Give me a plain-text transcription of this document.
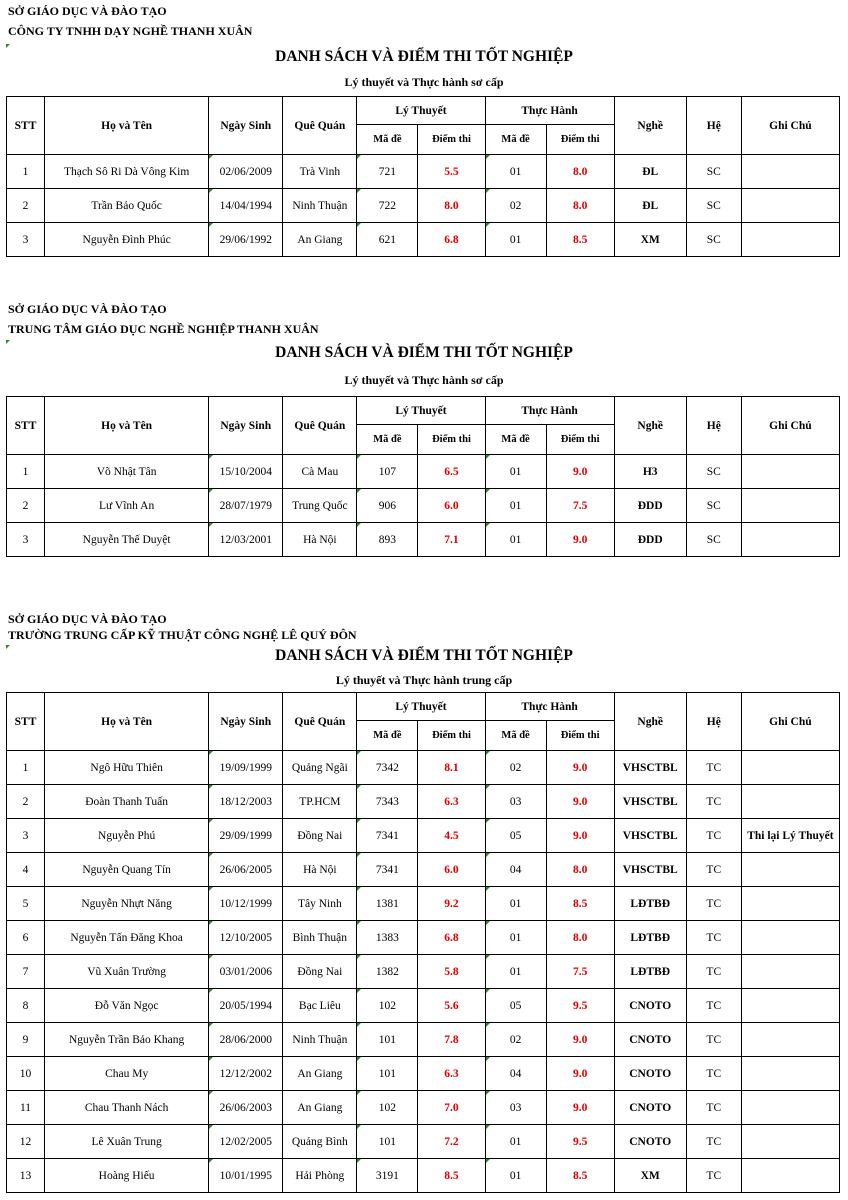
SỞ GIÁO DỤC VÀ ĐÀO TẠO
CÔNG TY TNHH DẠY NGHỀ THANH XUÂN
DANH SÁCH VÀ ĐIỂM THI TỐT NGHIỆP
Lý thuyết và Thực hành sơ cấp
STT	Họ và Tên	Ngày Sinh	Quê Quán	Lý Thuyết		Thực Hành		Nghề	Hệ	Ghi Chú
				Mã đề	Điểm thi	Mã đề	Điểm thi			
1	Thạch Sô Ri Dà Vông Kim	02/06/2009	Trà Vinh	721	5.5	01	8.0	ĐL	SC	
2	Trần Bảo Quốc	14/04/1994	Ninh Thuận	722	8.0	02	8.0	ĐL	SC	
3	Nguyễn Đình Phúc	29/06/1992	An Giang	621	6.8	01	8.5	XM	SC	
SỞ GIÁO DỤC VÀ ĐÀO TẠO
TRUNG TÂM GIÁO DỤC NGHỀ NGHIỆP THANH XUÂN
DANH SÁCH VÀ ĐIỂM THI TỐT NGHIỆP
Lý thuyết và Thực hành sơ cấp
STT	Họ và Tên	Ngày Sinh	Quê Quán	Lý Thuyết		Thực Hành		Nghề	Hệ	Ghi Chú
				Mã đề	Điểm thi	Mã đề	Điểm thi			
1	Võ Nhật Tân	15/10/2004	Cà Mau	107	6.5	01	9.0	H3	SC	
2	Lư Vĩnh An	28/07/1979	Trung Quốc	906	6.0	01	7.5	ĐDD	SC	
3	Nguyễn Thế Duyệt	12/03/2001	Hà Nội	893	7.1	01	9.0	ĐDD	SC	
SỞ GIÁO DỤC VÀ ĐÀO TẠO
TRƯỜNG TRUNG CẤP KỸ THUẬT CÔNG NGHỆ LÊ QUÝ ĐÔN
DANH SÁCH VÀ ĐIỂM THI TỐT NGHIỆP
Lý thuyết và Thực hành trung cấp
STT	Họ và Tên	Ngày Sinh	Quê Quán	Lý Thuyết		Thực Hành		Nghề	Hệ	Ghi Chú
				Mã đề	Điểm thi	Mã đề	Điểm thi			
1	Ngô Hữu Thiên	19/09/1999	Quảng Ngãi	7342	8.1	02	9.0	VHSCTBL	TC	
2	Đoàn Thanh Tuấn	18/12/2003	TP.HCM	7343	6.3	03	9.0	VHSCTBL	TC	
3	Nguyễn Phú	29/09/1999	Đồng Nai	7341	4.5	05	9.0	VHSCTBL	TC	Thi lại Lý Thuyết
4	Nguyễn Quang Tín	26/06/2005	Hà Nội	7341	6.0	04	8.0	VHSCTBL	TC	
5	Nguyễn Nhựt Năng	10/12/1999	Tây Ninh	1381	9.2	01	8.5	LĐTBĐ	TC	
6	Nguyễn Tấn Đăng Khoa	12/10/2005	Bình Thuận	1383	6.8	01	8.0	LĐTBĐ	TC	
7	Vũ Xuân Trường	03/01/2006	Đồng Nai	1382	5.8	01	7.5	LĐTBĐ	TC	
8	Đỗ Văn Ngọc	20/05/1994	Bạc Liêu	102	5.6	05	9.5	CNOTO	TC	
9	Nguyễn Trần Bảo Khang	28/06/2000	Ninh Thuận	101	7.8	02	9.0	CNOTO	TC	
10	Chau My	12/12/2002	An Giang	101	6.3	04	9.0	CNOTO	TC	
11	Chau Thanh Nách	26/06/2003	An Giang	102	7.0	03	9.0	CNOTO	TC	
12	Lê Xuân Trung	12/02/2005	Quảng Bình	101	7.2	01	9.5	CNOTO	TC	
13	Hoàng Hiếu	10/01/1995	Hải Phòng	3191	8.5	01	8.5	XM	TC	
